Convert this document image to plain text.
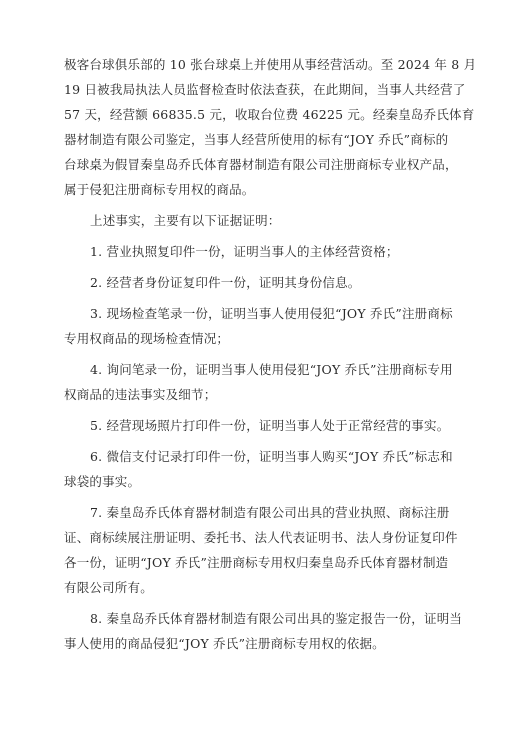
极客台球俱乐部的 10 张台球桌上并使用从事经营活动。至 2024 年 8 月
19 日被我局执法人员监督检查时依法查获，在此期间，当事人共经营了
57 天，经营额 66835.5 元，收取台位费 46225 元。经秦皇岛乔氏体育
器材制造有限公司鉴定，当事人经营所使用的标有“JOY 乔氏”商标的
台球桌为假冒秦皇岛乔氏体育器材制造有限公司注册商标专业权产品，
属于侵犯注册商标专用权的商品。
上述事实，主要有以下证据证明：
1. 营业执照复印件一份，证明当事人的主体经营资格；
2. 经营者身份证复印件一份，证明其身份信息。
3. 现场检查笔录一份，证明当事人使用侵犯“JOY 乔氏”注册商标
专用权商品的现场检查情况；
4. 询问笔录一份，证明当事人使用侵犯“JOY 乔氏”注册商标专用
权商品的违法事实及细节；
5. 经营现场照片打印件一份，证明当事人处于正常经营的事实。
6. 微信支付记录打印件一份，证明当事人购买“JOY 乔氏”标志和
球袋的事实。
7. 秦皇岛乔氏体育器材制造有限公司出具的营业执照、商标注册
证、商标续展注册证明、委托书、法人代表证明书、法人身份证复印件
各一份，证明“JOY 乔氏”注册商标专用权归秦皇岛乔氏体育器材制造
有限公司所有。
8. 秦皇岛乔氏体育器材制造有限公司出具的鉴定报告一份，证明当
事人使用的商品侵犯“JOY 乔氏”注册商标专用权的依据。
